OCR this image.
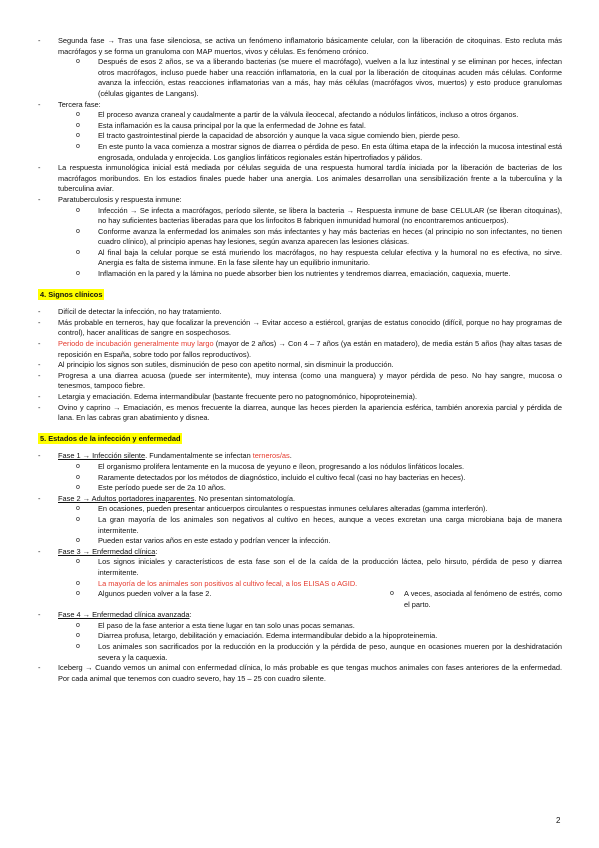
- Segunda fase → Tras una fase silenciosa, se activa un fenómeno inflamatorio básicamente celular, con la liberación de citoquinas. Esto recluta más macrófagos y se forma un granuloma con MAP muertos, vivos y células. Es fenómeno crónico.
o Después de esos 2 años, se va a liberando bacterias (se muere el macrófago), vuelven a la luz intestinal y se eliminan por heces, infectan otros macrófagos, incluso puede haber una reacción inflamatoria, en la cual por la liberación de citoquinas acuden más células. Conforme avanza la infección, estas reacciones inflamatorias van a más, hay más células (macrófagos vivos, muertos) y esto produce granulomas (células gigantes de Langans).
- Tercera fase:
o El proceso avanza craneal y caudalmente a partir de la válvula ileocecal, afectando a nódulos linfáticos, incluso a otros órganos.
o Esta inflamación es la causa principal por la que la enfermedad de Johne es fatal.
o El tracto gastrointestinal pierde la capacidad de absorción y aunque la vaca sigue comiendo bien, pierde peso.
o En este punto la vaca comienza a mostrar signos de diarrea o pérdida de peso. En esta última etapa de la infección la mucosa intestinal está engrosada, ondulada y enrojecida. Los ganglios linfáticos regionales están hipertrofiados y pálidos.
- La respuesta inmunológica inicial está mediada por células seguida de una respuesta humoral tardía iniciada por la liberación de bacterias de los macrófagos moribundos. En los estadios finales puede haber una anergia. Los animales desarrollan una sensibilización frente a la tuberculina y la tuberculina aviar.
- Paratuberculosis y respuesta inmune:
o Infección → Se infecta a macrófagos, período silente, se libera la bacteria → Respuesta inmune de base CELULAR (se liberan citoquinas), no hay suficientes bacterias liberadas para que los linfocitos B fabriquen inmunidad humoral (no encontraremos anticuerpos).
o Conforme avanza la enfermedad los animales son más infectantes y hay más bacterias en heces (al principio no son infectantes, no tienen cuadro clínico), al principio apenas hay lesiones, según avanza aparecen las lesiones clásicas.
o Al final baja la celular porque se está muriendo los macrófagos, no hay respuesta celular efectiva y la humoral no es efectiva, no sirve. Anergia es falta de sistema inmune. En la fase silente hay un equilibrio inmunitario.
o Inflamación en la pared y la lámina no puede absorber bien los nutrientes y tendremos diarrea, emaciación, caquexia, muerte.
4. Signos clínicos
- Difícil de detectar la infección, no hay tratamiento.
- Más probable en terneros, hay que focalizar la prevención → Evitar acceso a estiércol, granjas de estatus conocido (difícil, porque no hay programas de control), hacer analíticas de sangre en sospechosos.
- Periodo de incubación generalmente muy largo (mayor de 2 años) → Con 4 – 7 años (ya están en matadero), de media están 5 años (hay altas tasas de reposición en España, sobre todo por fallos reproductivos).
- Al principio los signos son sutiles, disminución de peso con apetito normal, sin disminuir la producción.
- Progresa a una diarrea acuosa (puede ser intermitente), muy intensa (como una manguera) y mayor pérdida de peso. No hay sangre, mucosa o tenesmos, tampoco fiebre.
- Letargia y emaciación. Edema intermandibular (bastante frecuente pero no patognomónico, hipoproteinemia).
- Ovino y caprino → Emaciación, es menos frecuente la diarrea, aunque las heces pierden la apariencia esférica, también anorexia parcial y pérdida de lana. En las cabras gran abatimiento y disnea.
5. Estados de la infección y enfermedad
- Fase 1 → Infección silente. Fundamentalmente se infectan terneros/as.
o El organismo prolifera lentamente en la mucosa de yeyuno e íleon, progresando a los nódulos linfáticos locales.
o Raramente detectados por los métodos de diagnóstico, incluido el cultivo fecal (casi no hay bacterias en heces).
o Este período puede ser de 2a 10 años.
- Fase 2 → Adultos portadores inaparentes. No presentan sintomatología.
o En ocasiones, pueden presentar anticuerpos circulantes o respuestas inmunes celulares alteradas (gamma interferón).
o La gran mayoría de los animales son negativos al cultivo en heces, aunque a veces excretan una carga microbiana baja de manera intermitente.
o Pueden estar varios años en este estado y podrían vencer la infección.
- Fase 3 → Enfermedad clínica:
o Los signos iniciales y característicos de esta fase son el de la caída de la producción láctea, pelo hirsuto, pérdida de peso y diarrea intermitente.
o La mayoría de los animales son positivos al cultivo fecal, a los ELISAS o AGID.
o Algunos pueden volver a la fase 2.
o	A veces, asociada al fenómeno de estrés, como el parto.
- Fase 4 → Enfermedad clínica avanzada:
o El paso de la fase anterior a esta tiene lugar en tan solo unas pocas semanas.
o Diarrea profusa, letargo, debilitación y emaciación. Edema intermandibular debido a la hipoproteinemia.
o Los animales son sacrificados por la reducción en la producción y la pérdida de peso, aunque en ocasiones mueren por la deshidratación severa y la caquexia.
- Iceberg → Cuando vemos un animal con enfermedad clínica, lo más probable es que tengas muchos animales con fases anteriores de la enfermedad. Por cada animal que tenemos con cuadro severo, hay 15 – 25 con cuadro silente.
2
